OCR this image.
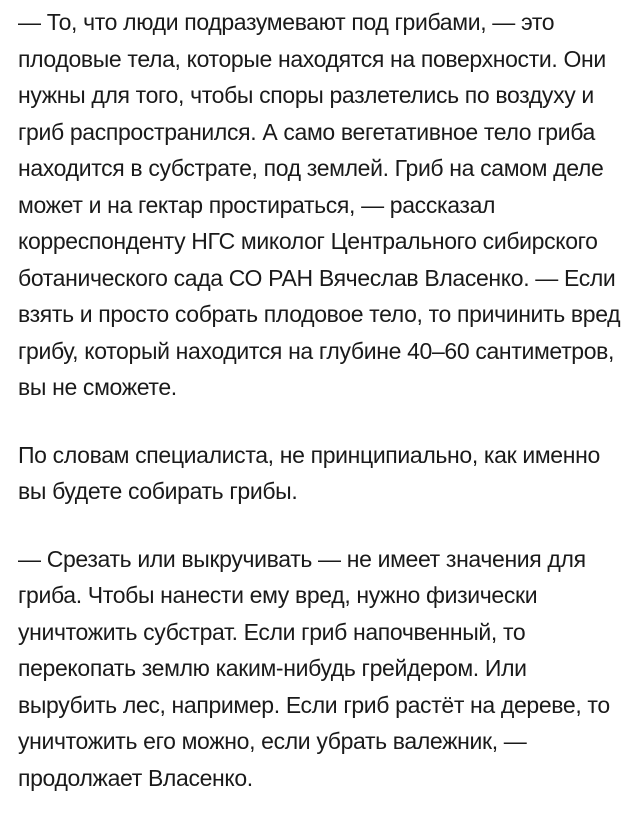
— То, что люди подразумевают под грибами, — это плодовые тела, которые находятся на поверхности. Они нужны для того, чтобы споры разлетелись по воздуху и гриб распространился. А само вегетативное тело гриба находится в субстрате, под землей. Гриб на самом деле может и на гектар простираться, — рассказал корреспонденту НГС миколог Центрального сибирского ботанического сада СО РАН Вячеслав Власенко. — Если взять и просто собрать плодовое тело, то причинить вред грибу, который находится на глубине 40–60 сантиметров, вы не сможете.

По словам специалиста, не принципиально, как именно вы будете собирать грибы.

— Срезать или выкручивать — не имеет значения для гриба. Чтобы нанести ему вред, нужно физически уничтожить субстрат. Если гриб напочвенный, то перекопать землю каким-нибудь грейдером. Или вырубить лес, например. Если гриб растёт на дереве, то уничтожить его можно, если убрать валежник, — продолжает Власенко.
